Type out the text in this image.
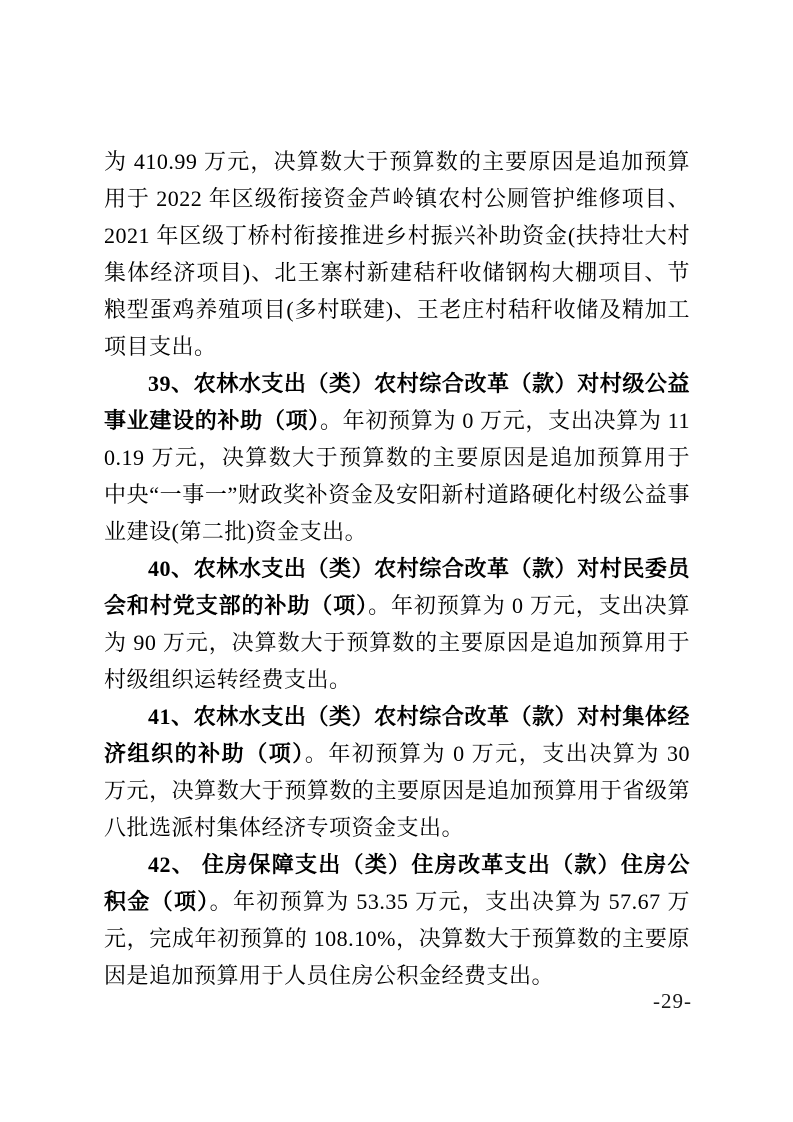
为 410.99 万元，决算数大于预算数的主要原因是追加预算用于 2022 年区级衔接资金芦岭镇农村公厕管护维修项目、2021 年区级丁桥村衔接推进乡村振兴补助资金(扶持壮大村集体经济项目)、北王寨村新建秸秆收储钢构大棚项目、节粮型蛋鸡养殖项目(多村联建)、王老庄村秸秆收储及精加工项目支出。

39、农林水支出（类）农村综合改革（款）对村级公益事业建设的补助（项）。年初预算为 0 万元，支出决算为 110.19 万元，决算数大于预算数的主要原因是追加预算用于中央“一事一”财政奖补资金及安阳新村道路硬化村级公益事业建设(第二批)资金支出。

40、农林水支出（类）农村综合改革（款）对村民委员会和村党支部的补助（项）。年初预算为 0 万元，支出决算为 90 万元，决算数大于预算数的主要原因是追加预算用于村级组织运转经费支出。

41、农林水支出（类）农村综合改革（款）对村集体经济组织的补助（项）。年初预算为 0 万元，支出决算为 30 万元，决算数大于预算数的主要原因是追加预算用于省级第八批选派村集体经济专项资金支出。

42、 住房保障支出（类）住房改革支出（款）住房公积金（项）。年初预算为 53.35 万元，支出决算为 57.67 万元，完成年初预算的 108.10%，决算数大于预算数的主要原因是追加预算用于人员住房公积金经费支出。

-29-
